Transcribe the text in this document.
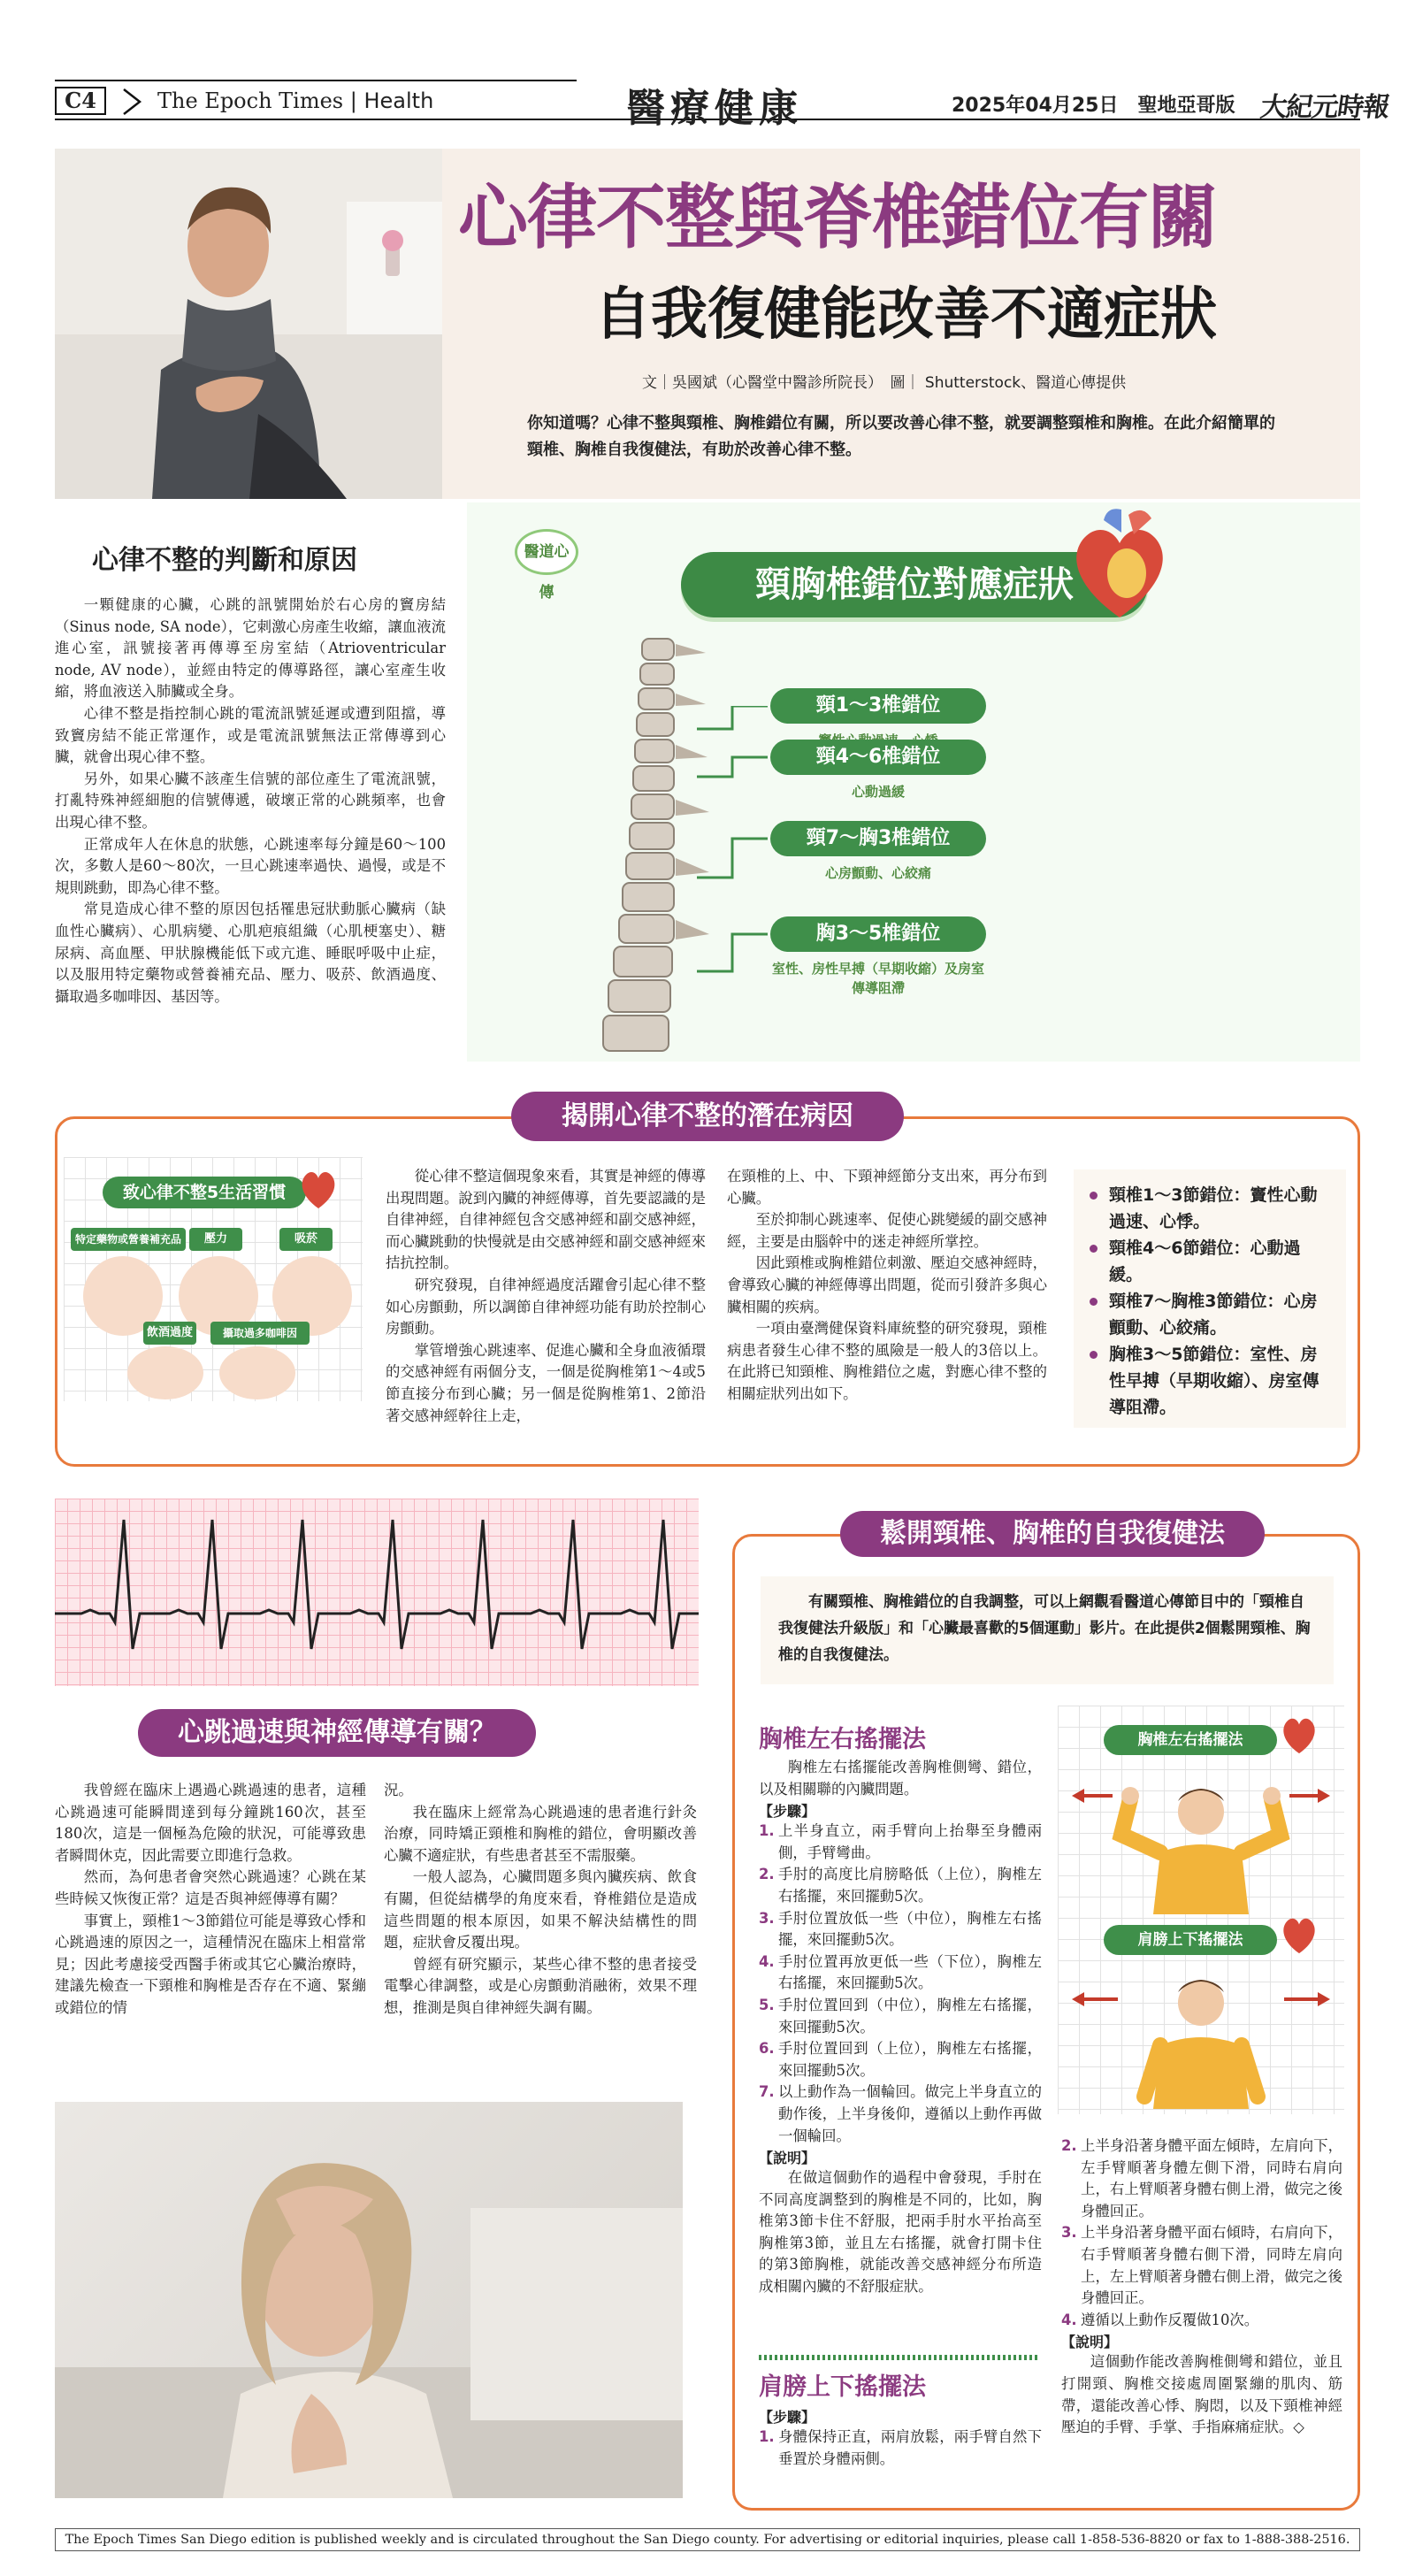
C4	The Epoch Times | Health	醫療健康	2025年04月25日　聖地亞哥版 大紀元時報
心律不整與脊椎錯位有關
自我復健能改善不適症狀
文｜吳國斌（心醫堂中醫診所院長）　圖｜ Shutterstock、醫道心傳提供
你知道嗎？心律不整與頸椎、胸椎錯位有關，所以要改善心律不整，就要調整頸椎和胸椎。在此介紹簡單的頸椎、胸椎自我復健法，有助於改善心律不整。
心律不整的判斷和原因

一顆健康的心臟，心跳的訊號開始於右心房的竇房結（Sinus node, SA node），它刺激心房產生收縮，讓血液流進心室，訊號接著再傳導至房室結（Atrioventricular node, AV node），並經由特定的傳導路徑，讓心室產生收縮，將血液送入肺臟或全身。

心律不整是指控制心跳的電流訊號延遲或遭到阻擋，導致竇房結不能正常運作，或是電流訊號無法正常傳導到心臟，就會出現心律不整。

另外，如果心臟不該產生信號的部位產生了電流訊號，打亂特殊神經細胞的信號傳遞，破壞正常的心跳頻率，也會出現心律不整。

正常成年人在休息的狀態，心跳速率每分鐘是60～100次，多數人是60～80次，一旦心跳速率過快、過慢，或是不規則跳動，即為心律不整。

常見造成心律不整的原因包括罹患冠狀動脈心臟病（缺血性心臟病）、心肌病變、心肌疤痕組織（心肌梗塞史）、糖尿病、高血壓、甲狀腺機能低下或亢進、睡眠呼吸中止症，以及服用特定藥物或營養補充品、壓力、吸菸、飲酒過度、攝取過多咖啡因、基因等。

醫道心傳	頸胸椎錯位對應症狀
頸1～3椎錯位
頸4～6椎錯位
心動過緩
頸7～胸3椎錯位
心房顫動、心絞痛
胸3～5椎錯位
室性、房性早搏（早期收縮）及房室傳導阻滯
揭開心律不整的潛在病因
致心律不整5生活習慣
特定藥物或營養補充品	壓力	吸菸
飲酒過度	攝取過多咖啡因

從心律不整這個現象來看，其實是神經的傳導出現問題。說到內臟的神經傳導，首先要認識的是自律神經，自律神經包含交感神經和副交感神經，而心臟跳動的快慢就是由交感神經和副交感神經來拮抗控制。

研究發現，自律神經過度活躍會引起心律不整如心房顫動，所以調節自律神經功能有助於控制心房顫動。

掌管增強心跳速率、促進心臟和全身血液循環的交感神經有兩個分支，一個是從胸椎第1～4或5節直接分布到心臟；另一個是從胸椎第1、2節沿著交感神經幹往上走，

在頸椎的上、中、下頸神經節分支出來，再分布到心臟。

至於抑制心跳速率、促使心跳變緩的副交感神經，主要是由腦幹中的迷走神經所掌控。

因此頸椎或胸椎錯位刺激、壓迫交感神經時，會導致心臟的神經傳導出問題，從而引發許多與心臟相關的疾病。

一項由臺灣健保資料庫統整的研究發現，頸椎病患者發生心律不整的風險是一般人的3倍以上。在此將已知頸椎、胸椎錯位之處，對應心律不整的相關症狀列出如下。

頸椎1～3節錯位：竇性心動過速、心悸。
頸椎4～6節錯位：心動過緩。
頸椎7～胸椎3節錯位：心房顫動、心絞痛。
胸椎3～5節錯位：室性、房性早搏（早期收縮）、房室傳導阻滯。
心跳過速與神經傳導有關？

我曾經在臨床上遇過心跳過速的患者，這種心跳過速可能瞬間達到每分鐘跳160次，甚至180次，這是一個極為危險的狀況，可能導致患者瞬間休克，因此需要立即進行急救。

然而，為何患者會突然心跳過速？心跳在某些時候又恢復正常？這是否與神經傳導有關？

事實上，頸椎1～3節錯位可能是導致心悸和心跳過速的原因之一，這種情況在臨床上相當常見；因此考慮接受西醫手術或其它心臟治療時，建議先檢查一下頸椎和胸椎是否存在不適、緊繃或錯位的情

況。

我在臨床上經常為心跳過速的患者進行針灸治療，同時矯正頸椎和胸椎的錯位，會明顯改善心臟不適症狀，有些患者甚至不需服藥。

一般人認為，心臟問題多與內臟疾病、飲食有關，但從結構學的角度來看，脊椎錯位是造成這些問題的根本原因，如果不解決結構性的問題，症狀會反覆出現。

曾經有研究顯示，某些心律不整的患者接受電擊心律調整，或是心房顫動消融術，效果不理想，推測是與自律神經失調有關。

鬆開頸椎、胸椎的自我復健法
有關頸椎、胸椎錯位的自我調整，可以上網觀看醫道心傳節目中的「頸椎自我復健法升級版」和「心臟最喜歡的5個運動」影片。在此提供2個鬆開頸椎、胸椎的自我復健法。
胸椎左右搖擺法

胸椎左右搖擺能改善胸椎側彎、錯位，以及相關聯的內臟問題。

【步驟】
1. 上半身直立，兩手臂向上抬舉至身體兩側，手臂彎曲。
2. 手肘的高度比肩膀略低（上位），胸椎左右搖擺，來回擺動5次。
3. 手肘位置放低一些（中位），胸椎左右搖擺，來回擺動5次。
4. 手肘位置再放更低一些（下位），胸椎左右搖擺，來回擺動5次。
5. 手肘位置回到（中位），胸椎左右搖擺，來回擺動5次。
6. 手肘位置回到（上位），胸椎左右搖擺，來回擺動5次。
7. 以上動作為一個輪回。做完上半身直立的動作後，上半身後仰，遵循以上動作再做一個輪回。
【說明】

在做這個動作的過程中會發現，手肘在不同高度調整到的胸椎是不同的，比如，胸椎第3節卡住不舒服，把兩手肘水平抬高至胸椎第3節，並且左右搖擺，就會打開卡住的第3節胸椎，就能改善交感神經分布所造成相關內臟的不舒服症狀。

胸椎左右搖擺法
肩膀上下搖擺法
肩膀上下搖擺法
【步驟】
1. 身體保持正直，兩肩放鬆，兩手臂自然下垂置於身體兩側。
2. 上半身沿著身體平面左傾時，左肩向下，左手臂順著身體左側下滑，同時右肩向上，右上臂順著身體右側上滑，做完之後身體回正。
3. 上半身沿著身體平面右傾時，右肩向下，右手臂順著身體右側下滑，同時左肩向上，左上臂順著身體右側上滑，做完之後身體回正。
4. 遵循以上動作反覆做10次。
【說明】

這個動作能改善胸椎側彎和錯位，並且打開頸、胸椎交接處周圍緊繃的肌肉、筋帶，還能改善心悸、胸悶，以及下頸椎神經壓迫的手臂、手掌、手指麻痛症狀。◇

The Epoch Times San Diego edition is published weekly and is circulated throughout the San Diego county. For advertising or editorial inquiries, please call 1-858-536-8820 or fax to 1-888-388-2516.
